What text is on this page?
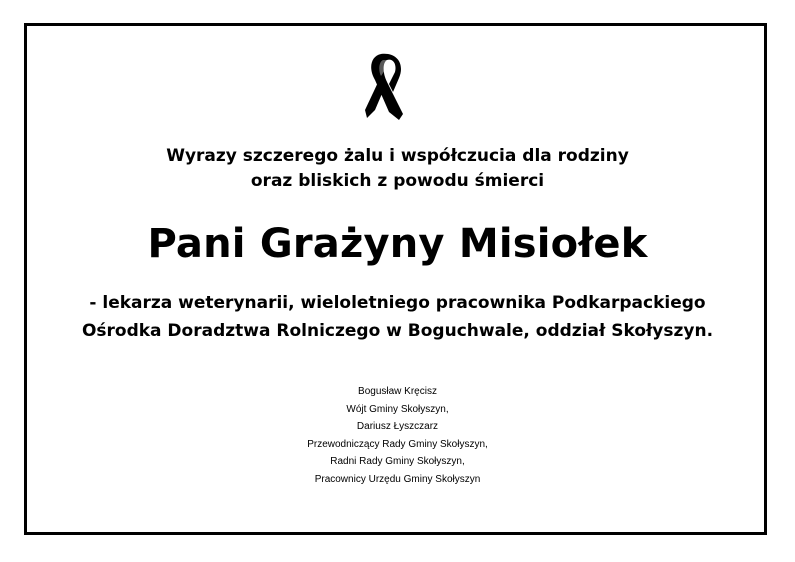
Wyrazy szczerego żalu i współczucia dla rodziny
oraz bliskich z powodu śmierci
Pani Grażyny Misiołek
- lekarza weterynarii, wieloletniego pracownika Podkarpackiego
Ośrodka Doradztwa Rolniczego w Boguchwale, oddział Skołyszyn.
Bogusław Kręcisz
Wójt Gminy Skołyszyn,
Dariusz Łyszczarz
Przewodniczący Rady Gminy Skołyszyn,
Radni Rady Gminy Skołyszyn,
Pracownicy Urzędu Gminy Skołyszyn
